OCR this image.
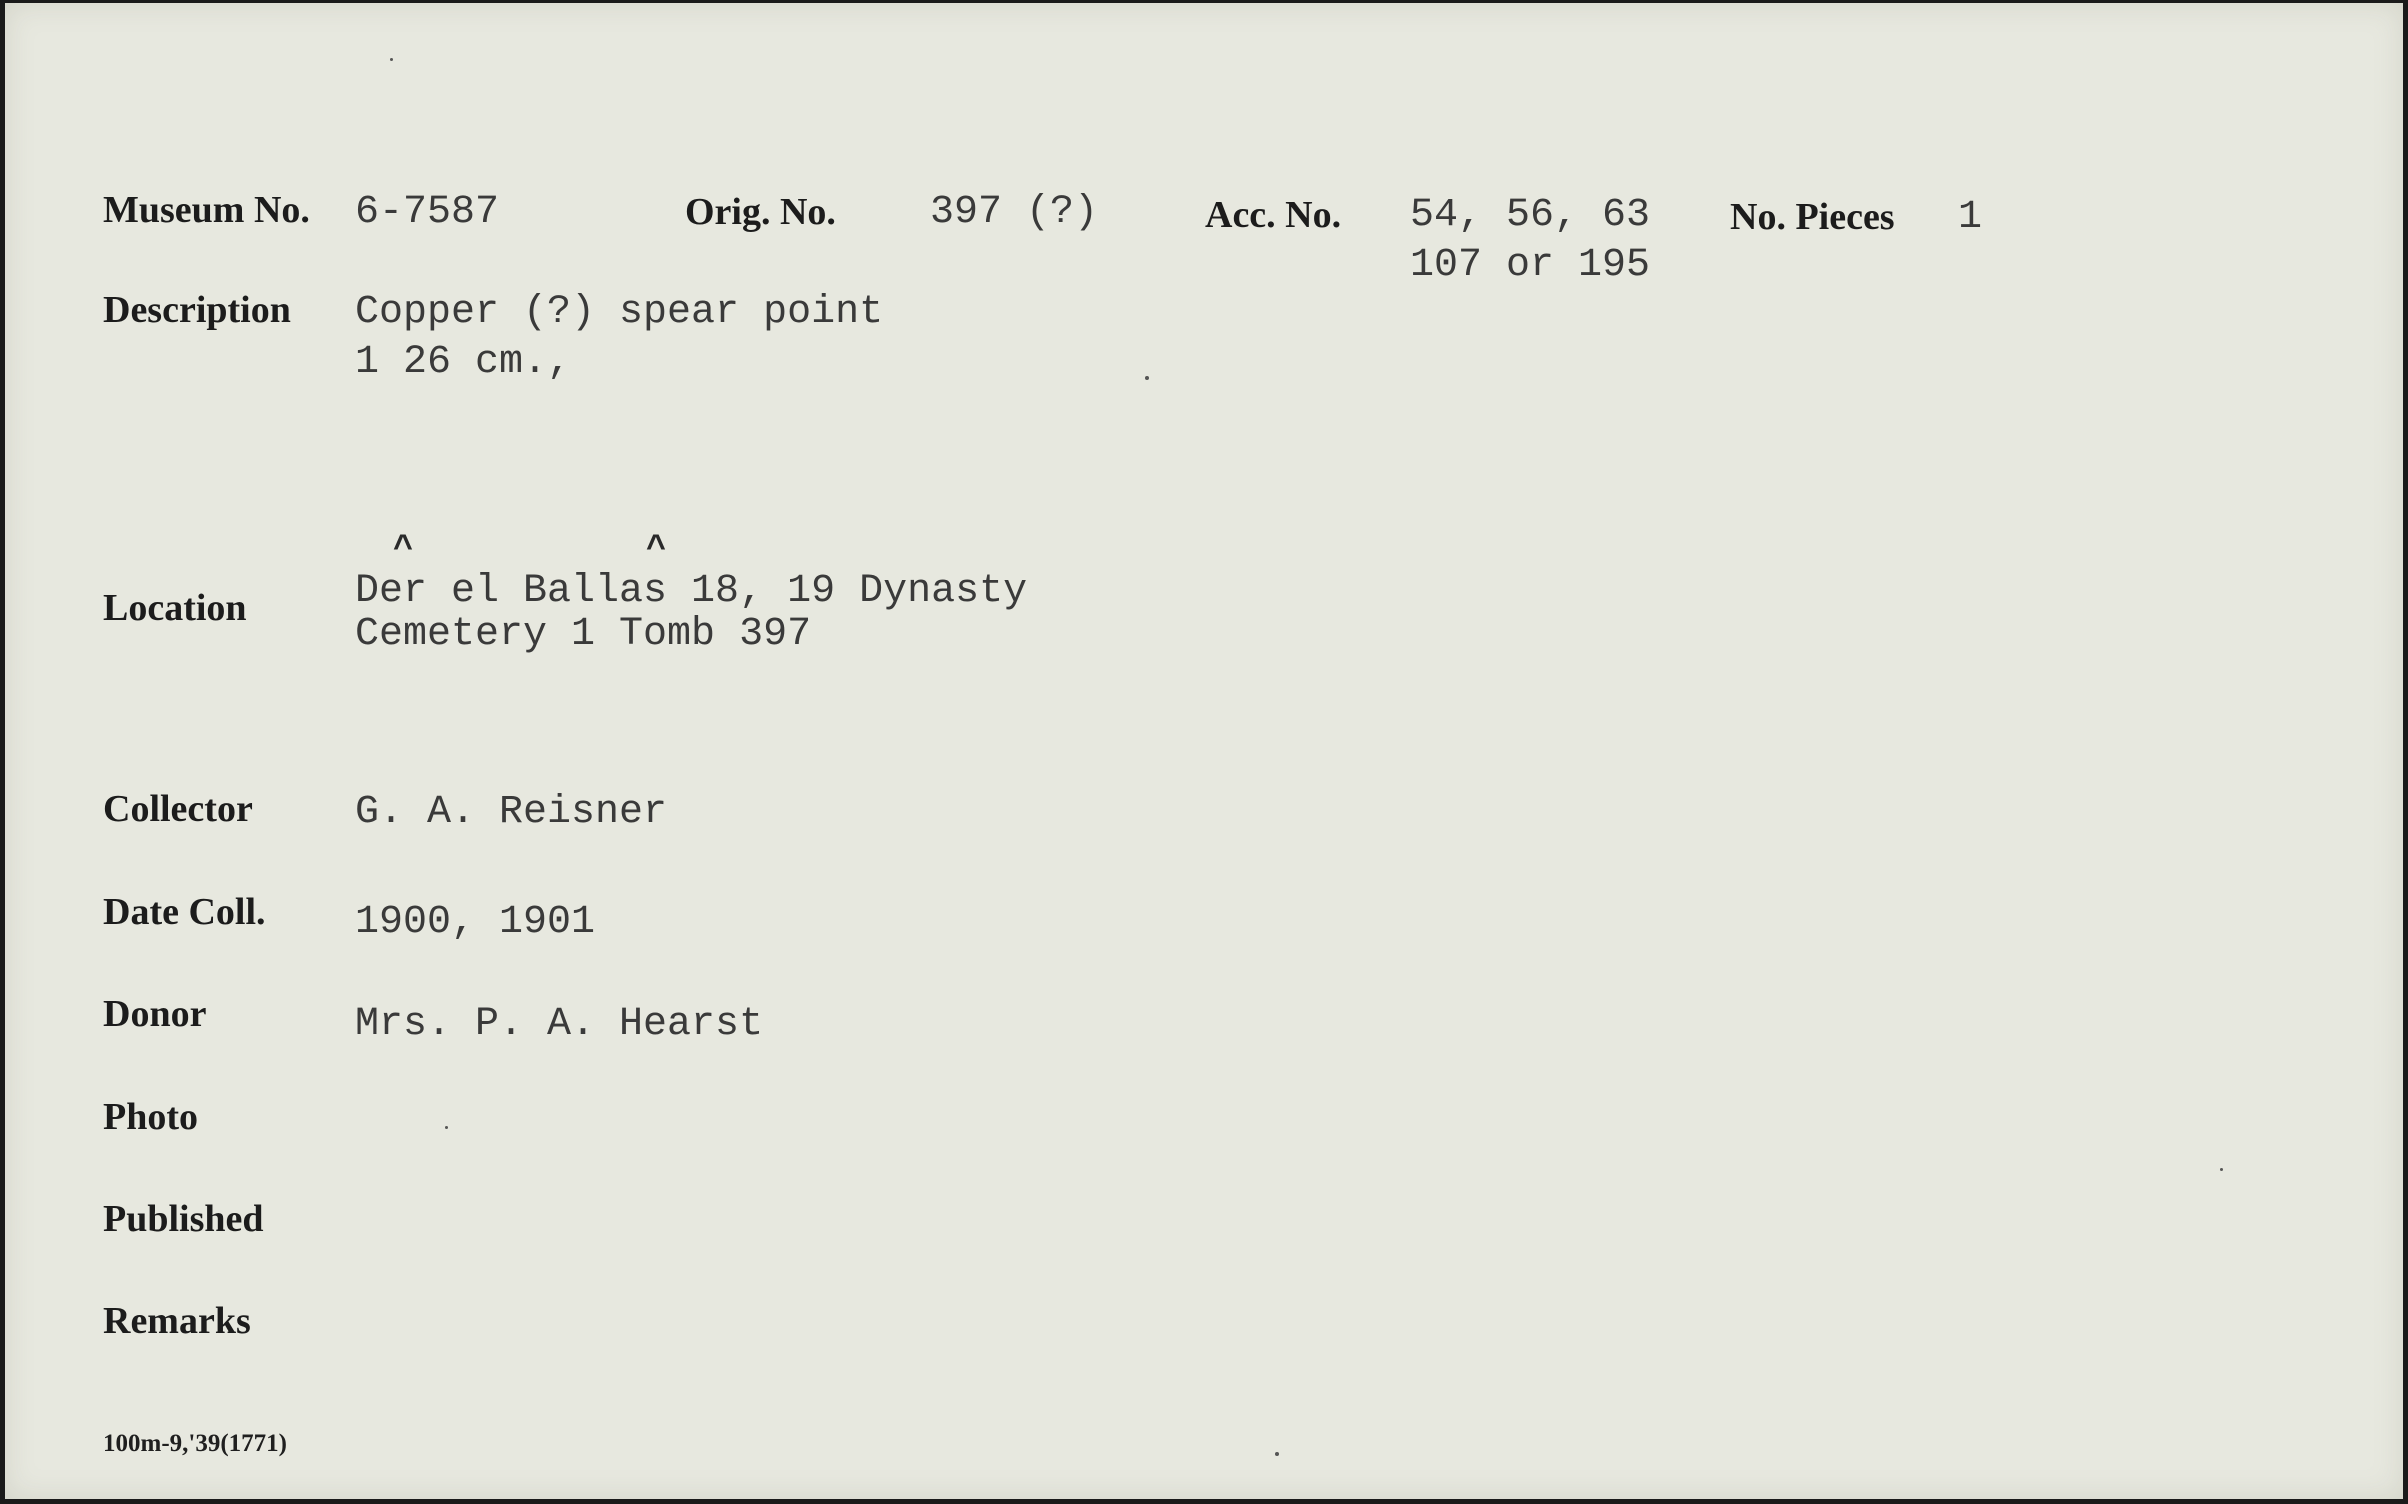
Museum No. 6-7587	Orig. No. 397 (?)	Acc. No. 54, 56, 63
107 or 195
No. Pieces 1
Description Copper (?) spear point
1 26 cm.,
^	^
Location	Der el Ballas 18, 19 Dynasty
Cemetery 1 Tomb 397
Collector	G. A. Reisner
Date Coll. 1900, 1901
Donor	Mrs. P. A. Hearst
Photo
Published
Remarks
100m-9,'39(1771)
